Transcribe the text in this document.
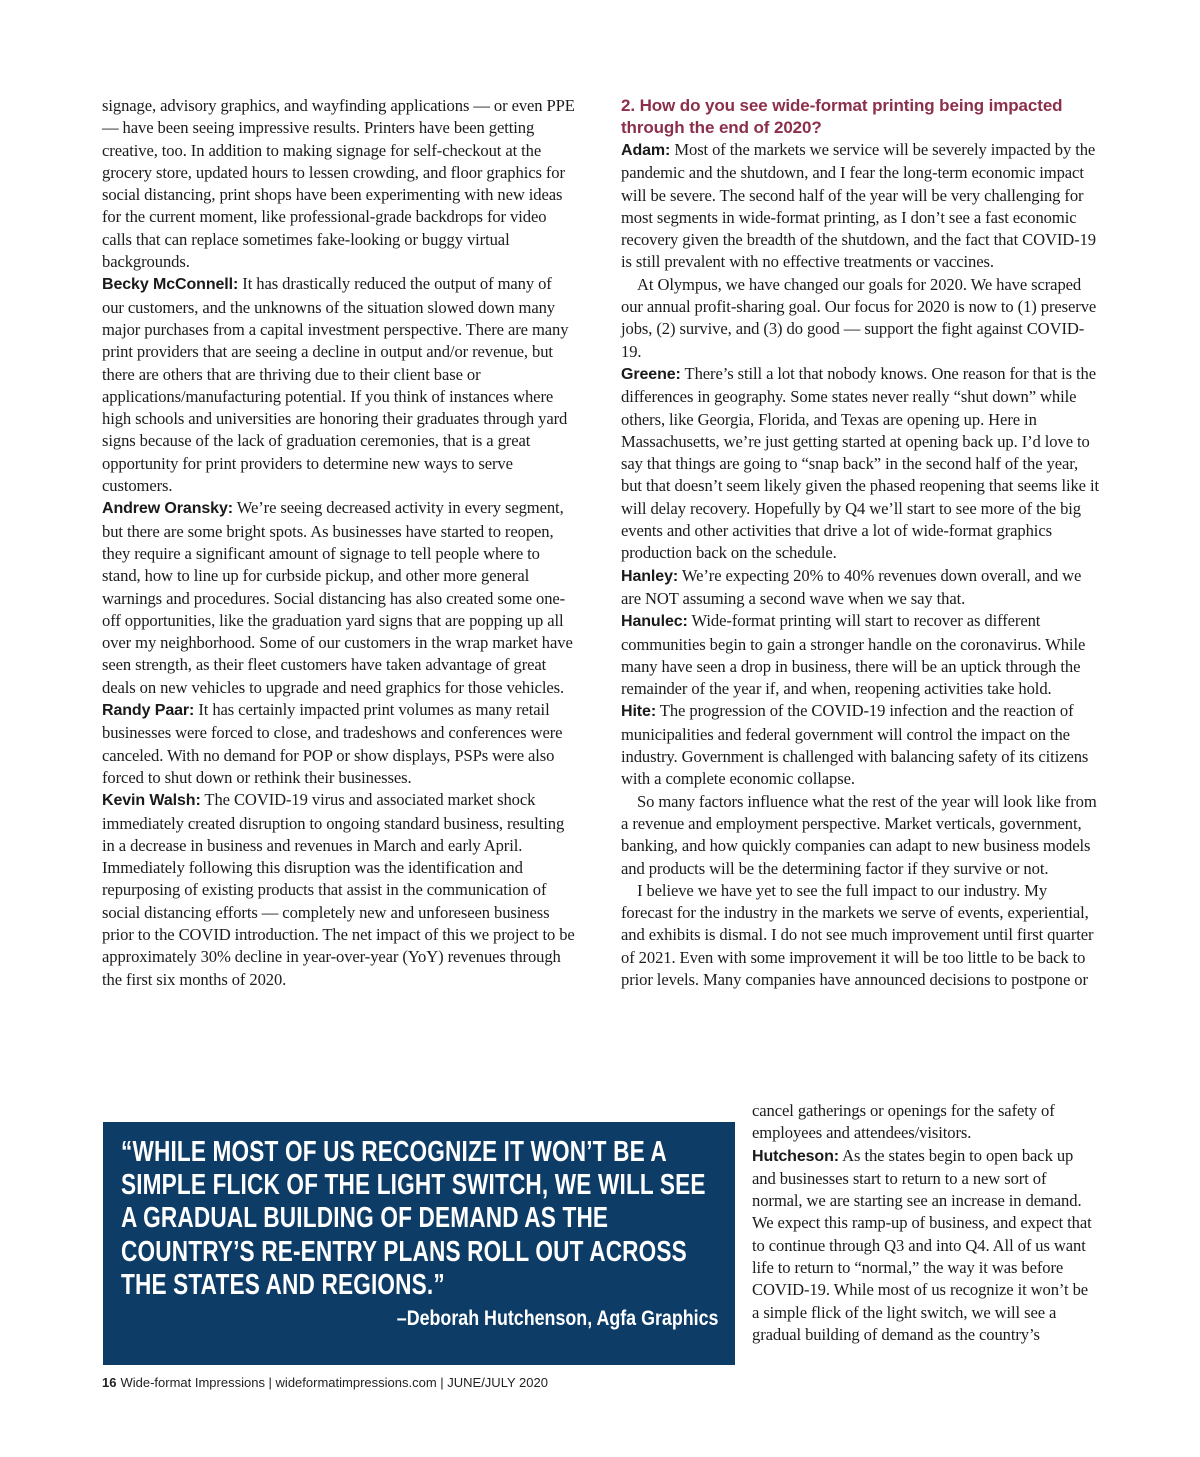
signage, advisory graphics, and wayfinding applications — or even PPE — have been seeing impressive results. Printers have been getting creative, too. In addition to making signage for self-checkout at the grocery store, updated hours to lessen crowding, and floor graphics for social distancing, print shops have been experimenting with new ideas for the current moment, like professional-grade backdrops for video calls that can replace sometimes fake-looking or buggy virtual backgrounds.

Becky McConnell: It has drastically reduced the output of many of our customers, and the unknowns of the situation slowed down many major purchases from a capital investment perspective. There are many print providers that are seeing a decline in output and/or revenue, but there are others that are thriving due to their client base or applications/manufacturing potential. If you think of instances where high schools and universities are honoring their graduates through yard signs because of the lack of graduation ceremonies, that is a great opportunity for print providers to determine new ways to serve customers.

Andrew Oransky: We’re seeing decreased activity in every segment, but there are some bright spots. As businesses have started to reopen, they require a significant amount of signage to tell people where to stand, how to line up for curbside pickup, and other more general warnings and procedures. Social distancing has also created some one-off opportunities, like the graduation yard signs that are popping up all over my neighborhood. Some of our customers in the wrap market have seen strength, as their fleet customers have taken advantage of great deals on new vehicles to upgrade and need graphics for those vehicles.

Randy Paar: It has certainly impacted print volumes as many retail businesses were forced to close, and tradeshows and conferences were canceled. With no demand for POP or show displays, PSPs were also forced to shut down or rethink their businesses.

Kevin Walsh: The COVID-19 virus and associated market shock immediately created disruption to ongoing standard business, resulting in a decrease in business and revenues in March and early April. Immediately following this disruption was the identification and repurposing of existing products that assist in the communication of social distancing efforts — completely new and unforeseen business prior to the COVID introduction. The net impact of this we project to be approximately 30% decline in year-over-year (YoY) revenues through the first six months of 2020.

2. How do you see wide-format printing being impacted through the end of 2020?

Adam: Most of the markets we service will be severely impacted by the pandemic and the shutdown, and I fear the long-term economic impact will be severe. The second half of the year will be very challenging for most segments in wide-format printing, as I don’t see a fast economic recovery given the breadth of the shutdown, and the fact that COVID-19 is still prevalent with no effective treatments or vaccines.

At Olympus, we have changed our goals for 2020. We have scraped our annual profit-sharing goal. Our focus for 2020 is now to (1) preserve jobs, (2) survive, and (3) do good — support the fight against COVID-19.

Greene: There’s still a lot that nobody knows. One reason for that is the differences in geography. Some states never really “shut down” while others, like Georgia, Florida, and Texas are opening up. Here in Massachusetts, we’re just getting started at opening back up. I’d love to say that things are going to “snap back” in the second half of the year, but that doesn’t seem likely given the phased reopening that seems like it will delay recovery. Hopefully by Q4 we’ll start to see more of the big events and other activities that drive a lot of wide-format graphics production back on the schedule.

Hanley: We’re expecting 20% to 40% revenues down overall, and we are NOT assuming a second wave when we say that.

Hanulec: Wide-format printing will start to recover as different communities begin to gain a stronger handle on the coronavirus. While many have seen a drop in business, there will be an uptick through the remainder of the year if, and when, reopening activities take hold.

Hite: The progression of the COVID-19 infection and the reaction of municipalities and federal government will control the impact on the industry. Government is challenged with balancing safety of its citizens with a complete economic collapse.

So many factors influence what the rest of the year will look like from a revenue and employment perspective. Market verticals, government, banking, and how quickly companies can adapt to new business models and products will be the determining factor if they survive or not.

I believe we have yet to see the full impact to our industry. My forecast for the industry in the markets we serve of events, experiential, and exhibits is dismal. I do not see much improvement until first quarter of 2021. Even with some improvement it will be too little to be back to prior levels. Many companies have announced decisions to postpone or

cancel gatherings or openings for the safety of employees and attendees/visitors.

Hutcheson: As the states begin to open back up and businesses start to return to a new sort of normal, we are starting see an increase in demand. We expect this ramp-up of business, and expect that to continue through Q3 and into Q4. All of us want life to return to “normal,” the way it was before COVID-19. While most of us recognize it won’t be a simple flick of the light switch, we will see a gradual building of demand as the country’s

“WHILE MOST OF US RECOGNIZE IT WON’T BE A SIMPLE FLICK OF THE LIGHT SWITCH, WE WILL SEE A GRADUAL BUILDING OF DEMAND AS THE COUNTRY’S RE-ENTRY PLANS ROLL OUT ACROSS THE STATES AND REGIONS.”
–Deborah Hutchenson, Agfa Graphics
16 Wide-format Impressions | wideformatimpressions.com | JUNE/JULY 2020
